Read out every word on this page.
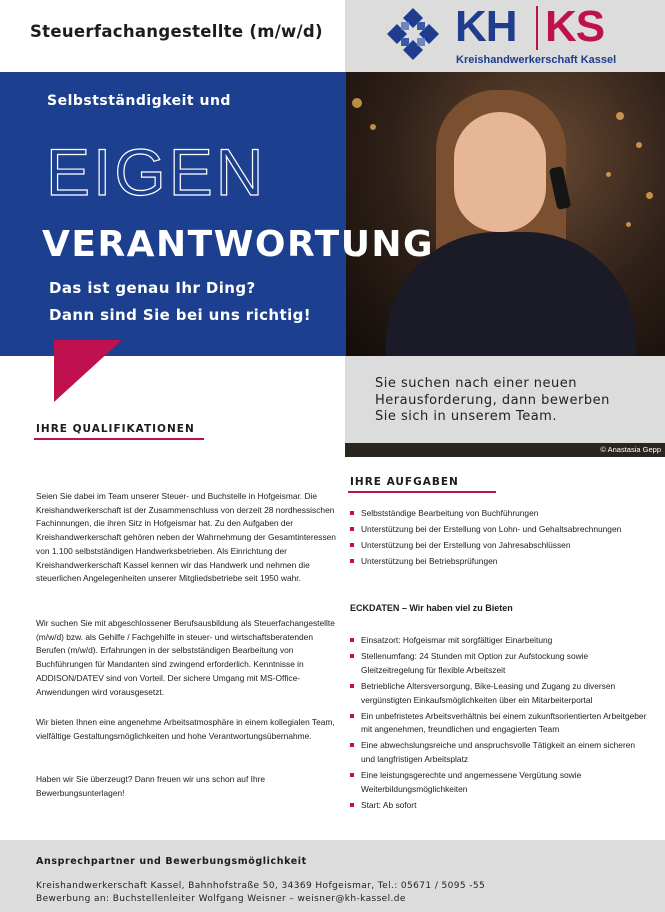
Steuerfachangestellte (m/w/d)	KH KS
Kreishandwerkerschaft Kassel
Selbstständigkeit und
EIGEN
VERANTWORTUNG
Das ist genau Ihr Ding?
Dann sind Sie bei uns richtig!
Sie suchen nach einer neuen
Herausforderung, dann bewerben
Sie sich in unserem Team.
© Anastasia Gepp
IHRE QUALIFIKATIONEN
Seien Sie dabei im Team unserer Steuer- und Buchstelle in Hofgeismar. Die Kreishandwerkerschaft ist der Zusammenschluss von derzeit 28 nordhessischen Fachinnungen, die ihren Sitz in Hofgeismar hat. Zu den Aufgaben der Kreishandwerkerschaft gehören neben der Wahrnehmung der Gesamtinteressen von 1.100 selbstständigen Handwerksbetrieben. Als Einrichtung der Kreishandwerkerschaft Kassel kennen wir das Handwerk und nehmen die steuerlichen Angelegenheiten unserer Mitgliedsbetriebe seit 1950 wahr.
Wir suchen Sie mit abgeschlossener Berufsausbildung als Steuerfachangestellte (m/w/d) bzw. als Gehilfe / Fachgehilfe in steuer- und wirtschaftsberatenden Berufen (m/w/d). Erfahrungen in der selbstständigen Bearbeitung von Buchführungen für Mandanten sind zwingend erforderlich. Kenntnisse in ADDISON/DATEV sind von Vorteil. Der sichere Umgang mit MS-Office-Anwendungen wird vorausgesetzt.
Wir bieten Ihnen eine angenehme Arbeitsatmosphäre in einem kollegialen Team, vielfältige Gestaltungsmöglichkeiten und hohe Verantwortungsübernahme.
Haben wir Sie überzeugt? Dann freuen wir uns schon auf Ihre Bewerbungsunterlagen!
IHRE AUFGABEN
Selbstständige Bearbeitung von Buchführungen
Unterstützung bei der Erstellung von Lohn- und Gehaltsabrechnungen
Unterstützung bei der Erstellung von Jahresabschlüssen
Unterstützung bei Betriebsprüfungen
ECKDATEN – Wir haben viel zu Bieten
Einsatzort: Hofgeismar mit sorgfältiger Einarbeitung
Stellenumfang: 24 Stunden mit Option zur Aufstockung sowie Gleitzeitregelung für flexible Arbeitszeit
Betriebliche Altersversorgung, Bike-Leasing und Zugang zu diversen vergünstigten Einkaufsmöglichkeiten über ein Mitarbeiterportal
Ein unbefristetes Arbeitsverhältnis bei einem zukunftsorientierten Arbeitgeber mit angenehmen, freundlichen und engagierten Team
Eine abwechslungsreiche und anspruchsvolle Tätigkeit an einem sicheren und langfristigen Arbeitsplatz
Eine leistungsgerechte und angemessene Vergütung sowie Weiterbildungsmöglichkeiten
Start: Ab sofort
Ansprechpartner und Bewerbungsmöglichkeit
Kreishandwerkerschaft Kassel, Bahnhofstraße 50, 34369 Hofgeismar, Tel.: 05671 / 5095 -55
Bewerbung an: Buchstellenleiter Wolfgang Weisner – weisner@kh-kassel.de
